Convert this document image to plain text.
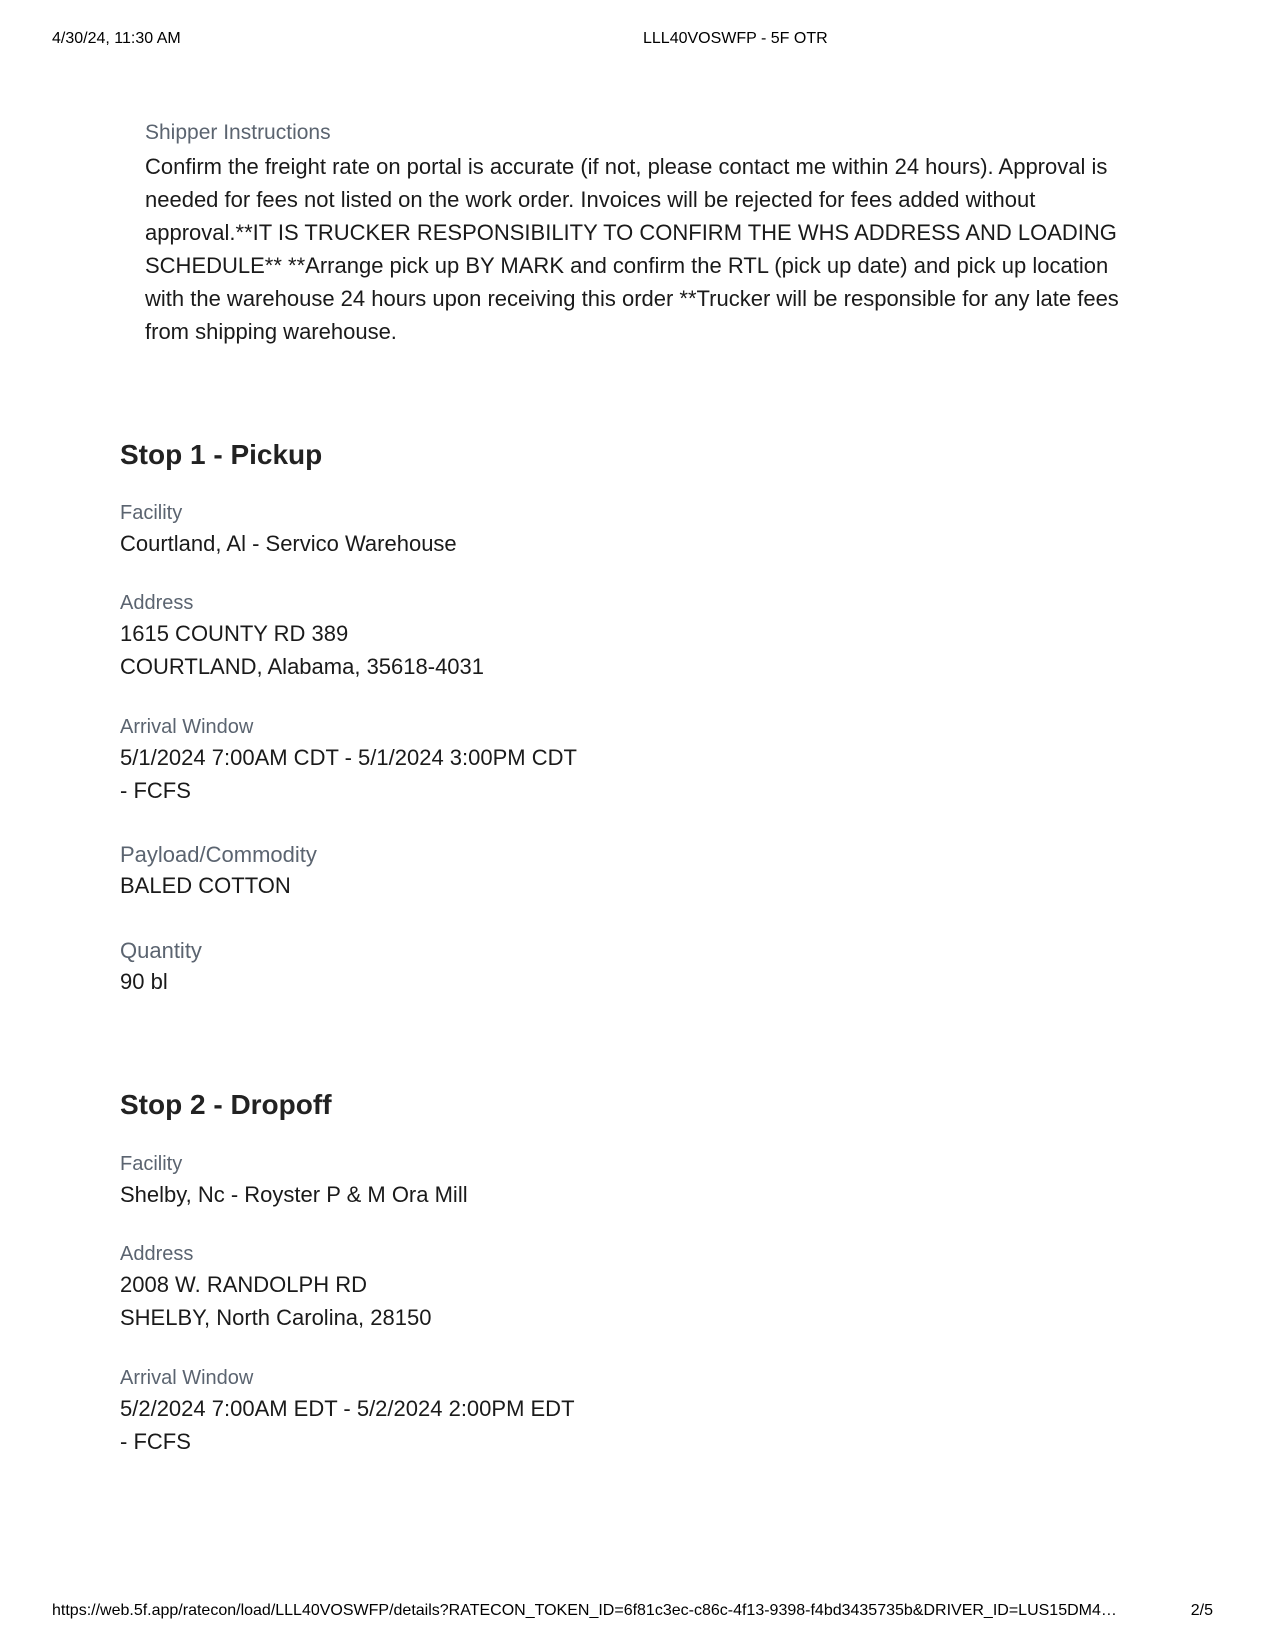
4/30/24, 11:30 AM	LLL40VOSWFP - 5F OTR
Shipper Instructions
Confirm the freight rate on portal is accurate (if not, please contact me within 24 hours). Approval is needed for fees not listed on the work order. Invoices will be rejected for fees added without approval.**IT IS TRUCKER RESPONSIBILITY TO CONFIRM THE WHS ADDRESS AND LOADING SCHEDULE** **Arrange pick up BY MARK and confirm the RTL (pick up date) and pick up location with the warehouse 24 hours upon receiving this order **Trucker will be responsible for any late fees from shipping warehouse.
Stop 1 - Pickup
Facility
Courtland, Al - Servico Warehouse
Address
1615 COUNTY RD 389
COURTLAND, Alabama, 35618-4031
Arrival Window
5/1/2024 7:00AM CDT - 5/1/2024 3:00PM CDT
- FCFS
Payload/Commodity
BALED COTTON
Quantity
90 bl
Stop 2 - Dropoff
Facility
Shelby, Nc - Royster P & M Ora Mill
Address
2008 W. RANDOLPH RD
SHELBY, North Carolina, 28150
Arrival Window
5/2/2024 7:00AM EDT - 5/2/2024 2:00PM EDT
- FCFS
https://web.5f.app/ratecon/load/LLL40VOSWFP/details?RATECON_TOKEN_ID=6f81c3ec-c86c-4f13-9398-f4bd3435735b&DRIVER_ID=LUS15DM4…	2/5
